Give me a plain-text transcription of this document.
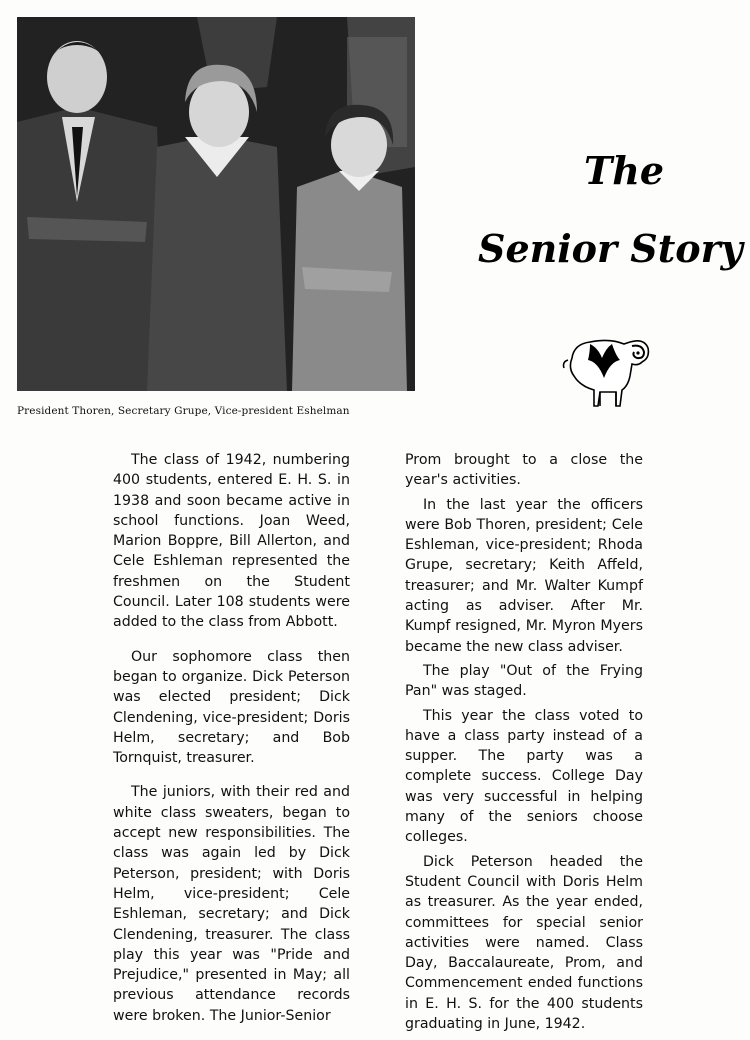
President Thoren, Secretary Grupe, Vice-president Eshelman
The
Senior Story

The class of 1942, numbering 400 students, entered E. H. S. in 1938 and soon became active in school functions. Joan Weed, Marion Boppre, Bill Allerton, and Cele Eshleman represented the freshmen on the Student Council. Later 108 students were added to the class from Abbott.

Our sophomore class then began to organize. Dick Peterson was elected president; Dick Clendening, vice-president; Doris Helm, secretary; and Bob Tornquist, treasurer.

The juniors, with their red and white class sweaters, began to accept new responsibilities. The class was again led by Dick Peterson, president; with Doris Helm, vice-president; Cele Eshleman, secretary; and Dick Clendening, treasurer. The class play this year was "Pride and Prejudice," presented in May; all previous attendance records were broken. The Junior-Senior

Prom brought to a close the year's activities.

In the last year the officers were Bob Thoren, president; Cele Eshleman, vice-president; Rhoda Grupe, secretary; Keith Affeld, treasurer; and Mr. Walter Kumpf acting as adviser. After Mr. Kumpf resigned, Mr. Myron Myers became the new class adviser.

The play "Out of the Frying Pan" was staged.

This year the class voted to have a class party instead of a supper. The party was a complete success. College Day was very successful in helping many of the seniors choose colleges.

Dick Peterson headed the Student Council with Doris Helm as treasurer. As the year ended, committees for special senior activities were named. Class Day, Baccalaureate, Prom, and Commencement ended functions in E. H. S. for the 400 students graduating in June, 1942.
